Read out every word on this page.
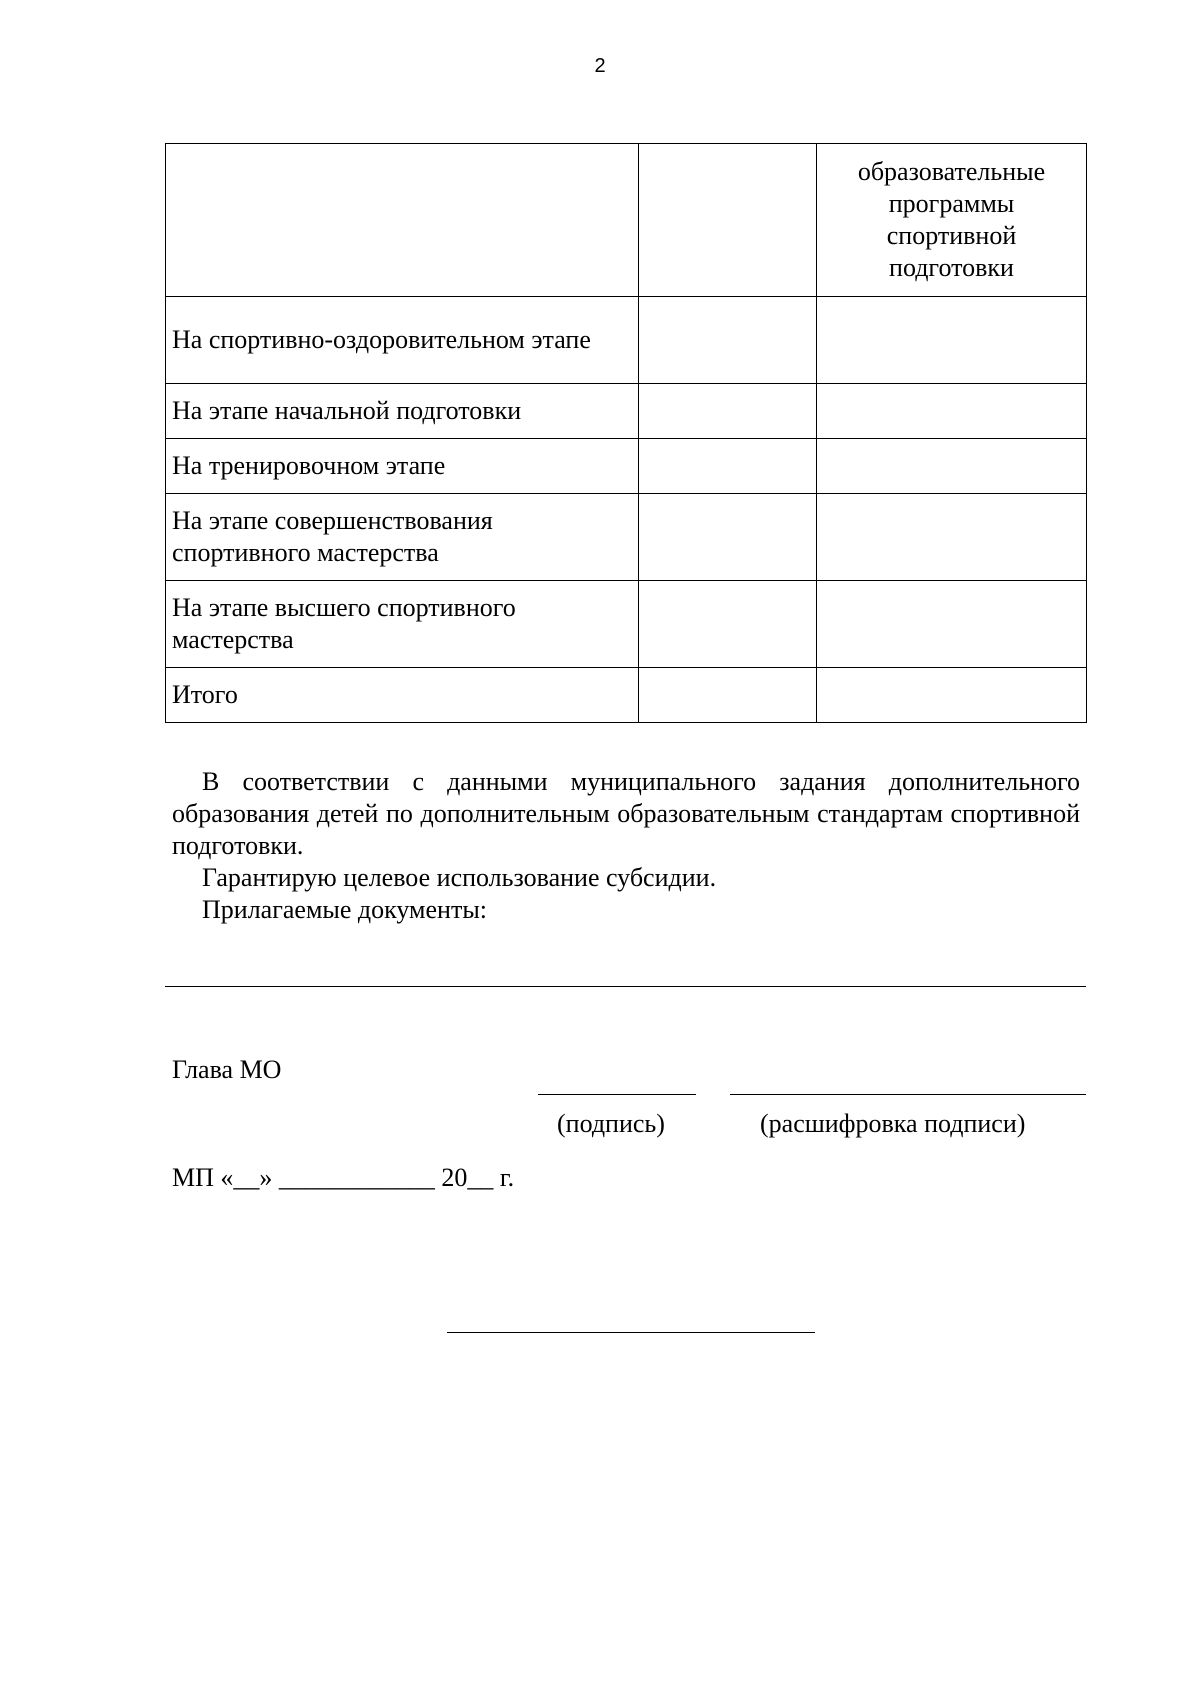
2
		образовательные программы спортивной подготовки
На спортивно-оздоровительном этапе		
На этапе начальной подготовки		
На тренировочном этапе		
На этапе совершенствования спортивного мастерства		
На этапе высшего спортивного мастерства		
Итого		

В соответствии с данными муниципального задания дополнительного образования детей по дополнительным образовательным стандартам спортивной подготовки.

Гарантирую целевое использование субсидии.

Прилагаемые документы:

Глава МО
(подпись)	(расшифровка подписи)
МП «__» ____________ 20__ г.
